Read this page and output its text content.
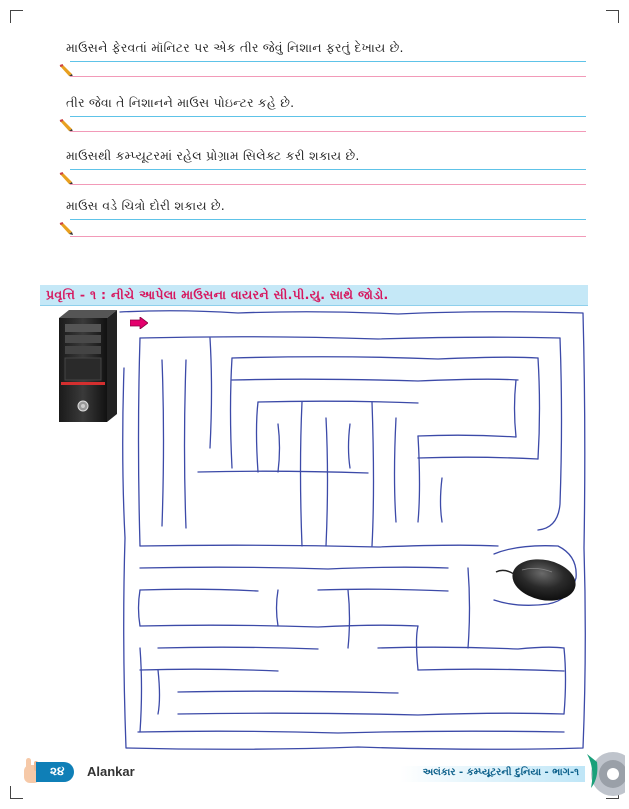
માઉસને ફેરવતાં મૉનિટર પર એક તીર જેવું નિશાન ફરતું દેખાય છે.
તીર જેવા તે નિશાનને માઉસ પોઇન્ટર કહે છે.
માઉસથી કમ્પ્યૂટરમાં રહેલ પ્રોગ્રામ સિલેક્ટ કરી શકાય છે.
માઉસ વડે ચિત્રો દોરી શકાય છે.
પ્રવૃત્તિ - ૧ : નીચે આપેલા માઉસના વાયરને સી.પી.યુ. સાથે જોડો.
૨૪ Alankar	અલંકાર - કમ્પ્યૂટરની દુનિયા - ભાગ-૧
